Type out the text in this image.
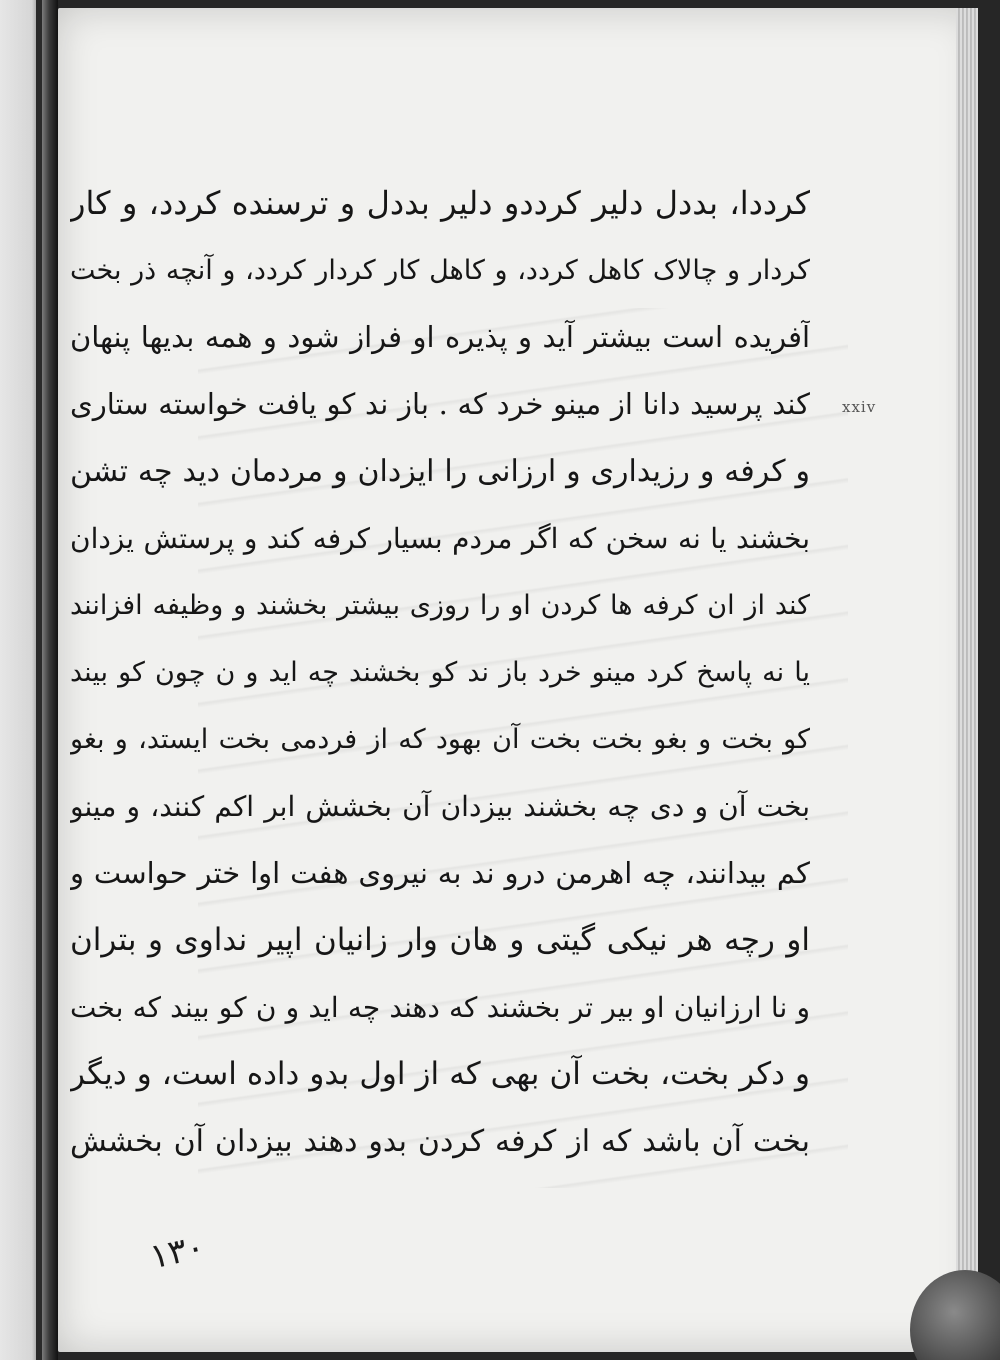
کرددا، بددل دلیر کرددو دلیر بددل و ترسنده کردد، و کار
کردار و چالاک کاهل کردد، و کاهل کار کردار کردد، و آنچه ذر بخت
آفریده است بیشتر آید و پذیره او فراز شود و همه بدیها پنهان
کند پرسید دانا از مینو خرد که . باز ند کو یافت خواسته ستاری
و کرفه و رزیداری و ارزانی را ایزدان و مردمان دید چه تشن
بخشند یا نه سخن که اگر مردم بسیار کرفه کند و پرستش یزدان
کند از ان کرفه ها کردن او را روزی بیشتر بخشند و وظیفه افزانند
یا نه پاسخ کرد مینو خرد باز ند کو بخشند چه اید و ن چون کو بیند
کو بخت و بغو بخت بخت آن بهود که از فردمی بخت ایستد، و بغو
بخت آن و دی چه بخشند بیزدان آن بخشش ابر اکم کنند، و مینو
کم بیدانند، چه اهرمن درو ند به نیروی هفت اوا ختر حواست و
او رچه هر نیکی گیتی و هان وار زانیان اپیر نداوی و بتران
و نا ارزانیان او بیر تر بخشند که دهند چه اید و ن کو بیند که بخت
و دکر بخت، بخت آن بهی که از اول بدو داده است، و دیگر
بخت آن باشد که از کرفه کردن بدو دهند بیزدان آن بخشش
xxiv
۱۳۰
